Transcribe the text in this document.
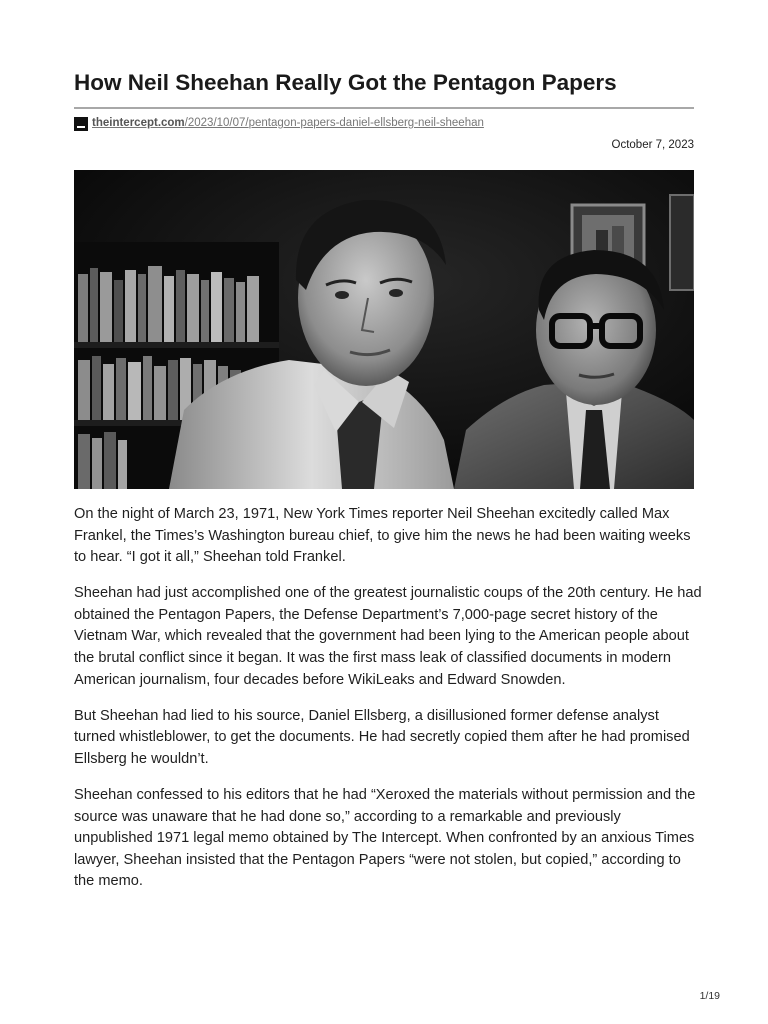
How Neil Sheehan Really Got the Pentagon Papers
theintercept.com/2023/10/07/pentagon-papers-daniel-ellsberg-neil-sheehan
October 7, 2023

On the night of March 23, 1971, New York Times reporter Neil Sheehan excitedly called Max Frankel, the Times’s Washington bureau chief, to give him the news he had been waiting weeks to hear. “I got it all,” Sheehan told Frankel.

Sheehan had just accomplished one of the greatest journalistic coups of the 20th century. He had obtained the Pentagon Papers, the Defense Department’s 7,000-page secret history of the Vietnam War, which revealed that the government had been lying to the American people about the brutal conflict since it began. It was the first mass leak of classified documents in modern American journalism, four decades before WikiLeaks and Edward Snowden.

But Sheehan had lied to his source, Daniel Ellsberg, a disillusioned former defense analyst turned whistleblower, to get the documents. He had secretly copied them after he had promised Ellsberg he wouldn’t.

Sheehan confessed to his editors that he had “Xeroxed the materials without permission and the source was unaware that he had done so,” according to a remarkable and previously unpublished 1971 legal memo obtained by The Intercept. When confronted by an anxious Times lawyer, Sheehan insisted that the Pentagon Papers “were not stolen, but copied,” according to the memo.

1/19
